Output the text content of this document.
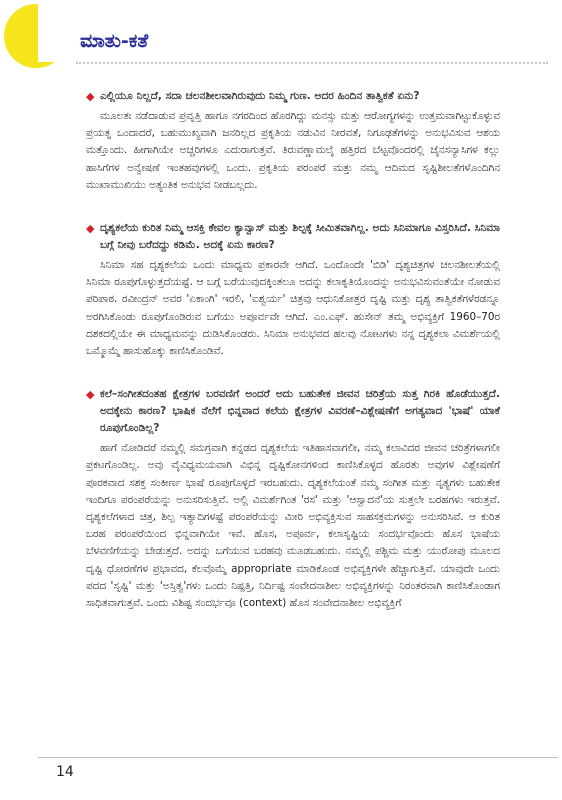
ಮಾತು-ಕತೆ
◆ ಎಲ್ಲಿಯೂ ನಿಲ್ಲದೆ, ಸದಾ ಚಲನಶೀಲವಾಗಿರುವುದು ನಿಮ್ಮ ಗುಣ. ಅದರ ಹಿಂದಿನ ತಾತ್ವಿಕತೆ ಏನು?
ಮೂಲತಃ ನಡೆದಾಡುವ ಪ್ರವೃತ್ತಿ ಹಾಗೂ ನಗರದಿಂದ ಹೊರಗಿದ್ದು ಮನಸ್ಸು ಮತ್ತು ಆರೋಗ್ಯಗಳನ್ನು ಉತ್ತಮವಾಗಿಟ್ಟುಕೊಳ್ಳುವ ಪ್ರಯತ್ನ ಒಂದಾದರೆ, ಬಹುಮುಖ್ಯವಾಗಿ ಜನರಿಲ್ಲದ ಪ್ರಕೃತಿಯ ನಡುವಿನ ನೀರವತೆ, ನಿಗೂಢತೆಗಳನ್ನು ಅನುಭವಿಸುವ ಆಶಯ ಮತ್ತೊಂದು. ಹೀಗಾಗಿಯೇ ಅಚ್ಚರಿಗಳೂ ಎದುರಾಗುತ್ತವೆ. ತಿರುವಣ್ಣಾಮಲೈ ಹತ್ತಿರದ ಬೆಟ್ಟವೊಂದರಲ್ಲಿ ಜೈನಸನ್ಯಾಸಿಗಳ ಕಲ್ಲು ಹಾಸಿಗೆಗಳ ಅನ್ವೇಷಣೆ ಇಂತಹವುಗಳಲ್ಲಿ ಒಂದು. ಪ್ರಕೃತಿಯ ಪರಂಪರೆ ಮತ್ತು ನಮ್ಮ ಆದಿಮದ ಸೃಷ್ಟಿಶೀಲತೆಗಳೊಂದಿಗಿನ ಮುಖಾಮುಖಿಯು ಅತ್ಯಂತಿಕ ಅನುಭವ ನೀಡಬಲ್ಲದು.
◆ ದೃಶ್ಯಕಲೆಯ ಕುರಿತ ನಿಮ್ಮ ಆಸಕ್ತಿ ಕೇವಲ ಕ್ಯಾನ್ವಾಸ್ ಮತ್ತು ಶಿಲ್ಪಕ್ಕೆ ಸೀಮಿತವಾಗಿಲ್ಲ. ಅದು ಸಿನಿಮಾಗೂ ವಿಸ್ತರಿಸಿದೆ. ಸಿನಿಮಾ ಬಗ್ಗೆ ನೀವು ಬರೆದದ್ದು ಕಡಿಮೆ. ಅದಕ್ಕೆ ಏನು ಕಾರಣ?
ಸಿನಿಮಾ ಸಹ ದೃಶ್ಯಕಲೆಯ ಒಂದು ಮಾಧ್ಯಮ ಪ್ರಕಾರವೇ ಆಗಿದೆ. ಒಂದೊಂದೇ 'ಬಿಡಿ' ದೃಶ್ಯಚಿತ್ರಗಳ ಚಲನಶೀಲತೆಯಲ್ಲಿ ಸಿನಿಮಾ ರೂಪುಗೊಳ್ಳುತ್ತದೆಯಷ್ಟೆ. ಆ ಬಗ್ಗೆ ಬರೆಯುವುದಕ್ಕಿಂತಲೂ ಅದನ್ನು ಕಲಾಕೃತಿಯೊಂದನ್ನು ಅನುಭವಿಸುವಂತೆಯೇ ನೋಡುವ ಪರಿಪಾಠ. ರವೀಂದ್ರನ್ ಅವರ 'ಏಕಾಂಗಿ' ಇರಲಿ, 'ಐಶ್ವರ್ಯ' ಚಿತ್ರವು ಆಧುನಿಕೋತ್ತರ ದೃಷ್ಟಿ ಮತ್ತು ದೃಶ್ಯ ತಾತ್ವಿಕತೆಗಳೆರಡನ್ನೂ ಅರಗಿಸಿಕೊಂಡು ರೂಪುಗೊಂಡಿರುವ ಬಗೆಯು ಅಪೂರ್ವವೇ ಆಗಿದೆ. ಎಂ.ಎಫ್. ಹುಸೇನ್ ತಮ್ಮ ಅಭಿವ್ಯಕ್ತಿಗೆ 1960–70ರ ದಶಕದಲ್ಲಿಯೇ ಈ ಮಾಧ್ಯಮವನ್ನು ದುಡಿಸಿಕೊಂಡರು. ಸಿನಿಮಾ ಅನುಭವದ ಹಲವು ನೋಟಗಳು ನನ್ನ ದೃಶ್ಯಕಲಾ ವಿಮರ್ಶೆಯಲ್ಲಿ ಒಮ್ಮೊಮ್ಮೆ ಹಾಸುಹೊಕ್ಕು ಕಾಣಿಸಿಕೊಂಡಿವೆ.
◆ ಕಲೆ–ಸಂಗೀತದಂತಹ ಕ್ಷೇತ್ರಗಳ ಬರವಣಿಗೆ ಅಂದರೆ ಅದು ಬಹುತೇಕ ಜೀವನ ಚರಿತ್ರೆಯ ಸುತ್ತ ಗಿರಕಿ ಹೊಡೆಯುತ್ತದೆ. ಅದಕ್ಕೇನು ಕಾರಣ? ಭಾಷಿಕ ನೆಲೆಗೆ ಭಿನ್ನವಾದ ಕಲೆಯ ಕ್ಷೇತ್ರಗಳ ವಿವರಣೆ–ವಿಶ್ಲೇಷಣೆಗೆ ಅಗತ್ಯವಾದ 'ಭಾಷೆ' ಯಾಕೆ ರೂಪುಗೊಂಡಿಲ್ಲ?
ಹಾಗೆ ನೋಡಿದರೆ ನಮ್ಮಲ್ಲಿ ಸಮಗ್ರವಾಗಿ ಕನ್ನಡದ ದೃಶ್ಯಕಲೆಯ ಇತಿಹಾಸವಾಗಲೀ, ನಮ್ಮ ಕಲಾವಿದರ ಜೀವನ ಚರಿತ್ರೆಗಳಾಗಲೀ ಪ್ರಕಟಗೊಂಡಿಲ್ಲ. ಅವು ವೈವಿಧ್ಯಮಯವಾಗಿ ವಿಭಿನ್ನ ದೃಷ್ಟಿಕೋನಗಳಿಂದ ಕಾಣಿಸಿಕೊಳ್ಳದ ಹೊರತು ಅವುಗಳ ವಿಶ್ಲೇಷಣೆಗೆ ಪೂರಕವಾದ ಸಶಕ್ತ ಸಂಕೀರ್ಣ ಭಾಷೆ ರೂಪುಗೊಳ್ಳದೆ ಇರಬಹುದು. ದೃಶ್ಯಕಲೆಯಂತೆ ನಮ್ಮ ಸಂಗೀತ ಮತ್ತು ನೃತ್ಯಗಳು ಬಹುತೇಕ ಇಂದಿಗೂ ಪರಂಪರೆಯನ್ನು ಅನುಸರಿಸುತ್ತಿವೆ. ಅಲ್ಲಿ ವಿಮರ್ಶೆಗಿಂತ 'ರಸ' ಮತ್ತು 'ಆಸ್ವಾದನೆ'ಯ ಸುತ್ತಲೇ ಬರಹಗಳು ಇರುತ್ತವೆ. ದೃಶ್ಯಕಲೆಗಳಾದ ಚಿತ್ರ, ಶಿಲ್ಪ ಇತ್ಯಾದಿಗಳಷ್ಟೆ ಪರಂಪರೆಯನ್ನು ಮೀರಿ ಅಭಿವ್ಯಕ್ತಿಸುವ ಸಾಹಸಕ್ರಮಗಳನ್ನು ಅನುಸರಿಸಿವೆ. ಆ ಕುರಿತ ಬರಹ ಪರಂಪರೆಯಿಂದ ಭಿನ್ನವಾಗಿಯೇ ಇವೆ. ಹೊಸ, ಅಪೂರ್ವ, ಕಲಾಸೃಷ್ಟಿಯ ಸಂದರ್ಭವೊಂದು ಹೊಸ ಭಾಷೆಯ ಬೆಳವಣಿಗೆಯನ್ನು ಬೇಡುತ್ತದೆ. ಅದನ್ನು ಬಗೆಯುವ ಬರಹವು ಮೂಡಬಹುದು. ನಮ್ಮಲ್ಲಿ ಪಶ್ಚಿಮ ಮತ್ತು ಯುರೋಪು ಮೂಲದ ದೃಷ್ಟಿ ಧೋರಣೆಗಳ ಪ್ರಭಾವದ, ಕೆಲವೊಮ್ಮೆ appropriate ಮಾಡಿಕೊಂಡ ಅಭಿವ್ಯಕ್ತಿಗಳೇ ಹೆಚ್ಚಾಗುತ್ತಿವೆ. ಯಾವುದೇ ಒಂದು ಪದದ 'ಸೃಷ್ಟಿ' ಮತ್ತು 'ಅಸ್ತಿತ್ವ'ಗಳು ಒಂದು ನಿಷ್ಪತ್ತಿ, ನಿರ್ದಿಷ್ಟ ಸಂವೇದನಾಶೀಲ ಅಭಿವ್ಯಕ್ತಿಗಳನ್ನು ನಿರಂತರವಾಗಿ ಕಾಣಿಸಿಕೊಂಡಾಗ ಸಾಧಿತವಾಗುತ್ತವೆ. ಒಂದು ವಿಶಿಷ್ಟ ಸಂದರ್ಭವೂ (context) ಹೊಸ ಸಂವೇದನಾಶೀಲ ಅಭಿವ್ಯಕ್ತಿಗೆ
14
